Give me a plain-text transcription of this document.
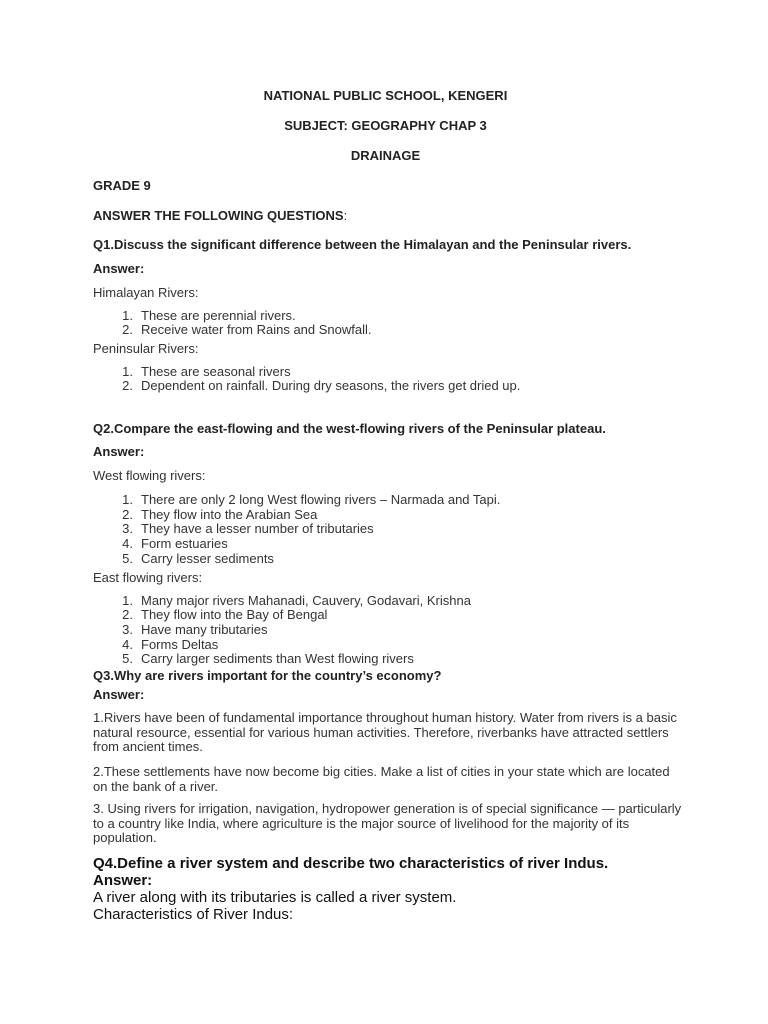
NATIONAL PUBLIC SCHOOL, KENGERI
SUBJECT: GEOGRAPHY CHAP 3
DRAINAGE
GRADE 9
ANSWER THE FOLLOWING QUESTIONS:
Q1.Discuss the significant difference between the Himalayan and the Peninsular rivers.
Answer:
Himalayan Rivers:
1. These are perennial rivers.
2. Receive water from Rains and Snowfall.
Peninsular Rivers:
1. These are seasonal rivers
2. Dependent on rainfall. During dry seasons, the rivers get dried up.
Q2.Compare the east-flowing and the west-flowing rivers of the Peninsular plateau.
Answer:
West flowing rivers:
1. There are only 2 long West flowing rivers – Narmada and Tapi.
2. They flow into the Arabian Sea
3. They have a lesser number of tributaries
4. Form estuaries
5. Carry lesser sediments
East flowing rivers:
1. Many major rivers Mahanadi, Cauvery, Godavari, Krishna
2. They flow into the Bay of Bengal
3. Have many tributaries
4. Forms Deltas
5. Carry larger sediments than West flowing rivers
Q3.Why are rivers important for the country’s economy?
Answer:
1.Rivers have been of fundamental importance throughout human history. Water from rivers is a basic natural resource, essential for various human activities. Therefore, riverbanks have attracted settlers from ancient times.
2.These settlements have now become big cities. Make a list of cities in your state which are located on the bank of a river.
3. Using rivers for irrigation, navigation, hydropower generation is of special significance — particularly to a country like India, where agriculture is the major source of livelihood for the majority of its population.
Q4.Define a river system and describe two characteristics of river Indus.
Answer:
A river along with its tributaries is called a river system.
Characteristics of River Indus:
